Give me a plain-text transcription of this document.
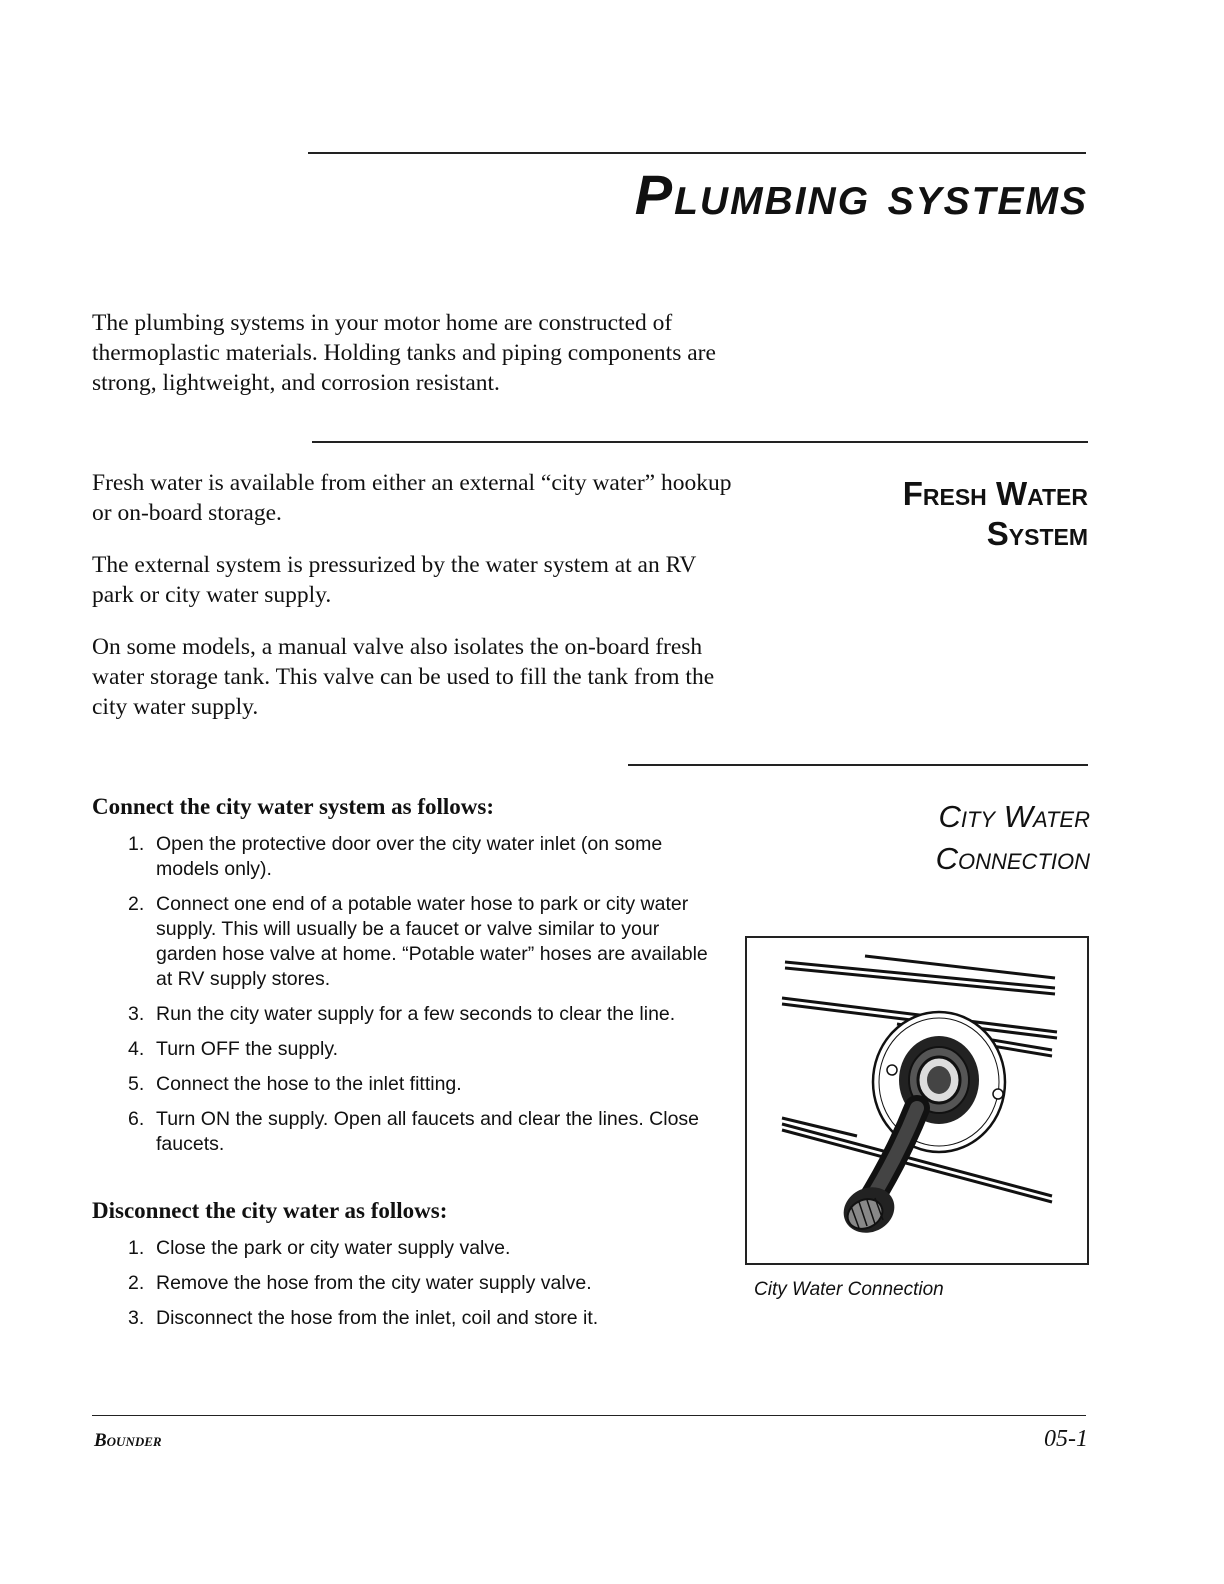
Plumbing systems

The plumbing systems in your motor home are constructed of thermoplastic materials. Holding tanks and piping components are strong, lightweight, and corrosion resistant.

Fresh Water

System

Fresh water is available from either an external “city water” hookup or on-board storage.

The external system is pressurized by the water system at an RV park or city water supply.

On some models, a manual valve also isolates the on-board fresh water storage tank. This valve can be used to fill the tank from the city water supply.

City Water

Connection

Connect the city water system as follows:

1. Open the protective door over the city water inlet (on some models only).
2. Connect one end of a potable water hose to park or city water supply. This will usually be a faucet or valve similar to your garden hose valve at home. “Potable water” hoses are available at RV supply stores.
3. Run the city water supply for a few seconds to clear the line.
4. Turn OFF the supply.
5. Connect the hose to the inlet fitting.
6. Turn ON the supply. Open all faucets and clear the lines. Close faucets.

Disconnect the city water as follows:

1. Close the park or city water supply valve.
2. Remove the hose from the city water supply valve.
3. Disconnect the hose from the inlet, coil and store it.
City Water Connection
Bounder	05-1
